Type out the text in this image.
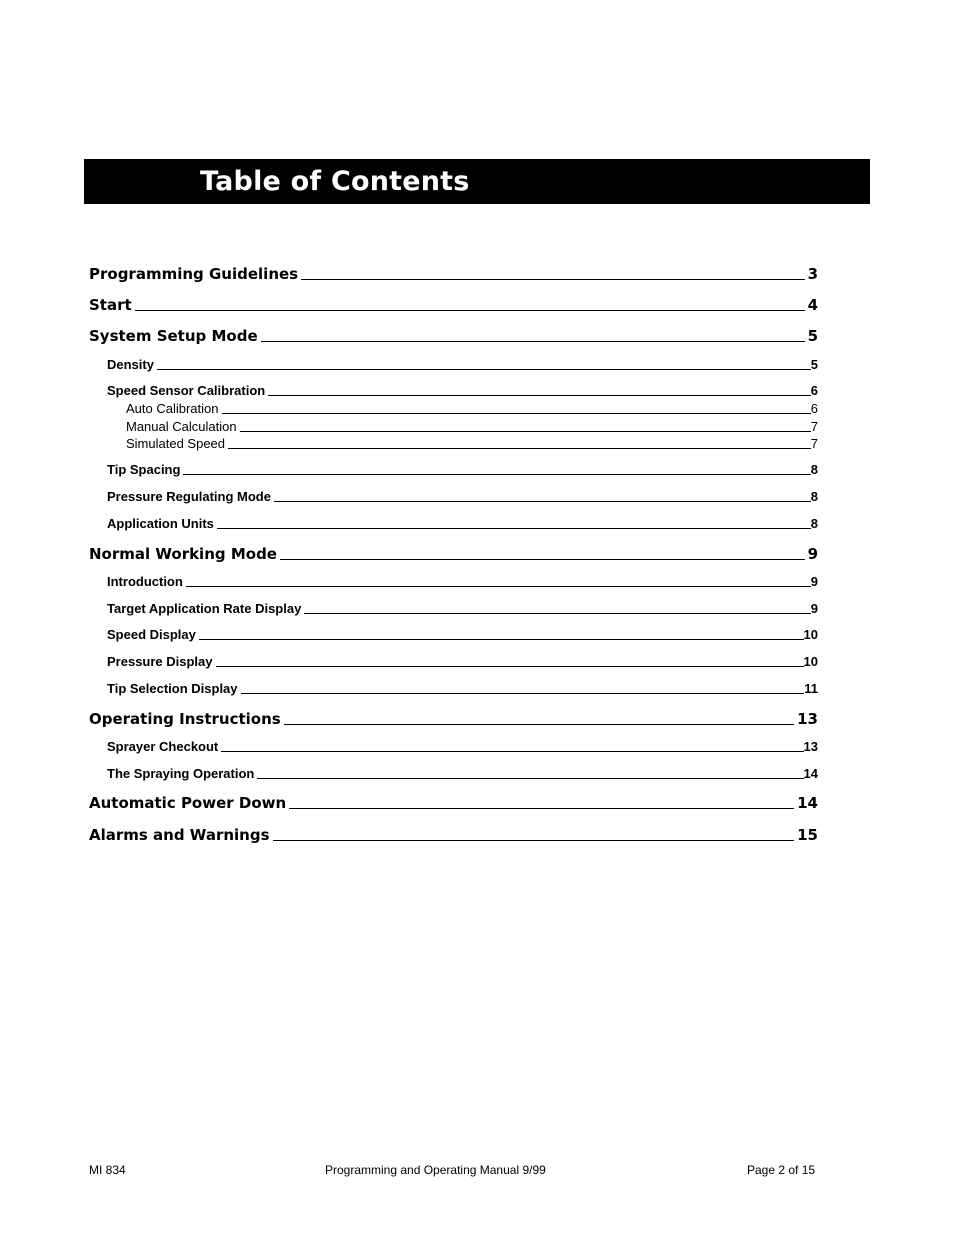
Table of Contents
Programming Guidelines	3
Start	4
System Setup Mode	5
Density	5
Speed Sensor Calibration	6
Auto Calibration	6
Manual Calculation	7
Simulated Speed	7
Tip Spacing	8
Pressure Regulating Mode	8
Application Units	8
Normal Working Mode	9
Introduction	9
Target Application Rate Display	9
Speed Display	10
Pressure Display	10
Tip Selection Display	11
Operating Instructions	13
Sprayer Checkout	13
The Spraying Operation	14
Automatic Power Down	14
Alarms and Warnings	15
MI 834	Programming and Operating Manual 9/99	Page 2 of 15
